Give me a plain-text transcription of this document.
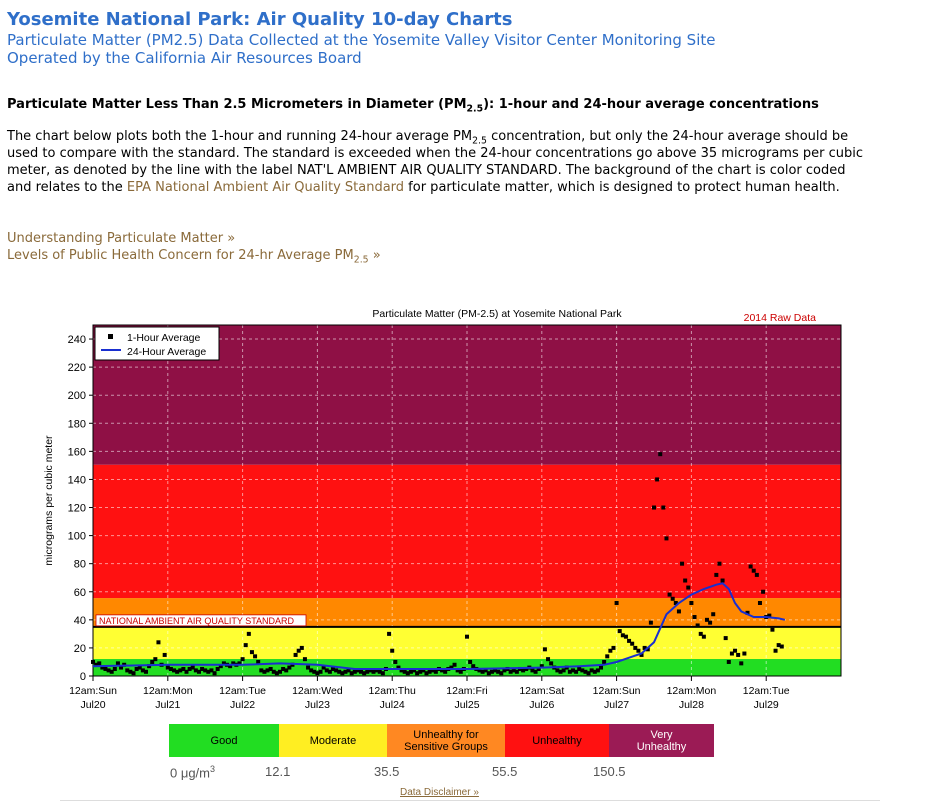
Yosemite National Park: Air Quality 10-day Charts
Particulate Matter (PM2.5) Data Collected at the Yosemite Valley Visitor Center Monitoring Site
Operated by the California Air Resources Board
Particulate Matter Less Than 2.5 Micrometers in Diameter $(PM_{2.5})$: 1-hour and 24-hour average concentrations
The chart below plots both the 1-hour and running 24-hour average $PM_{2.5}$ concentration, but only the 24-hour average should be used to compare with the standard. The standard is exceeded when the 24-hour concentrations go above 35 micrograms per cubic meter, as denoted by the line with the label NAT'L AMBIENT AIR QUALITY STANDARD. The background of the chart is color coded and relates to the EPA National Ambient Air Quality Standard for particulate matter, which is designed to protect human health.
Understanding Particulate Matter »
Levels of Public Health Concern for 24-hr Average $PM_{2.5}$ »
0
20
40
60
80
100
120
140
160
180
200
220
240
12am:Sun
Jul20
12am:Mon
Jul21
12am:Tue
Jul22
12am:Wed
Jul23
12am:Thu
Jul24
12am:Fri
Jul25
12am:Sat
Jul26
12am:Sun
Jul27
12am:Mon
Jul28
12am:Tue
Jul29
Particulate Matter (PM-2.5) at Yosemite National Park	2014 Raw Data
micrograms per cubic meter
NATIONAL AMBIENT AIR QUALITY STANDARD
1-Hour Average
24-Hour Average
Good	Moderate	Unhealthy for Sensitive Groups	Unhealthy	Very Unhealthy
0 $\mu g/m^3$	12.1	35.5	55.5	150.5
Data Disclaimer »
